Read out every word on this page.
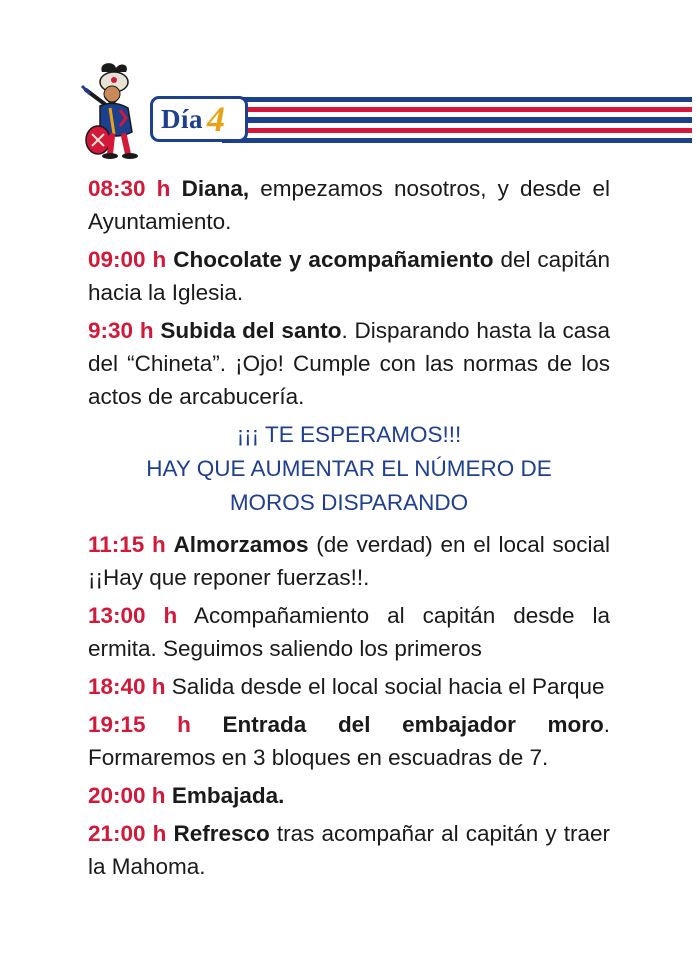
Día 4

08:30 h Diana, empezamos nosotros, y desde el Ayuntamiento.

09:00 h Chocolate y acompañamiento del capitán hacia la Iglesia.

9:30 h Subida del santo. Disparando hasta la casa del “Chineta”. ¡Ojo! Cumple con las normas de los actos de arcabucería.

¡¡¡ TE ESPERAMOS!!!
HAY QUE AUMENTAR EL NÚMERO DE
MOROS DISPARANDO

11:15 h Almorzamos (de verdad) en el local social ¡¡Hay que reponer fuerzas!!.

13:00 h Acompañamiento al capitán desde la ermita. Seguimos saliendo los primeros

18:40 h Salida desde el local social hacia el Parque

19:15 h Entrada del embajador moro. Formaremos en 3 bloques en escuadras de 7.

20:00 h Embajada.

21:00 h Refresco tras acompañar al capitán y traer la Mahoma.
